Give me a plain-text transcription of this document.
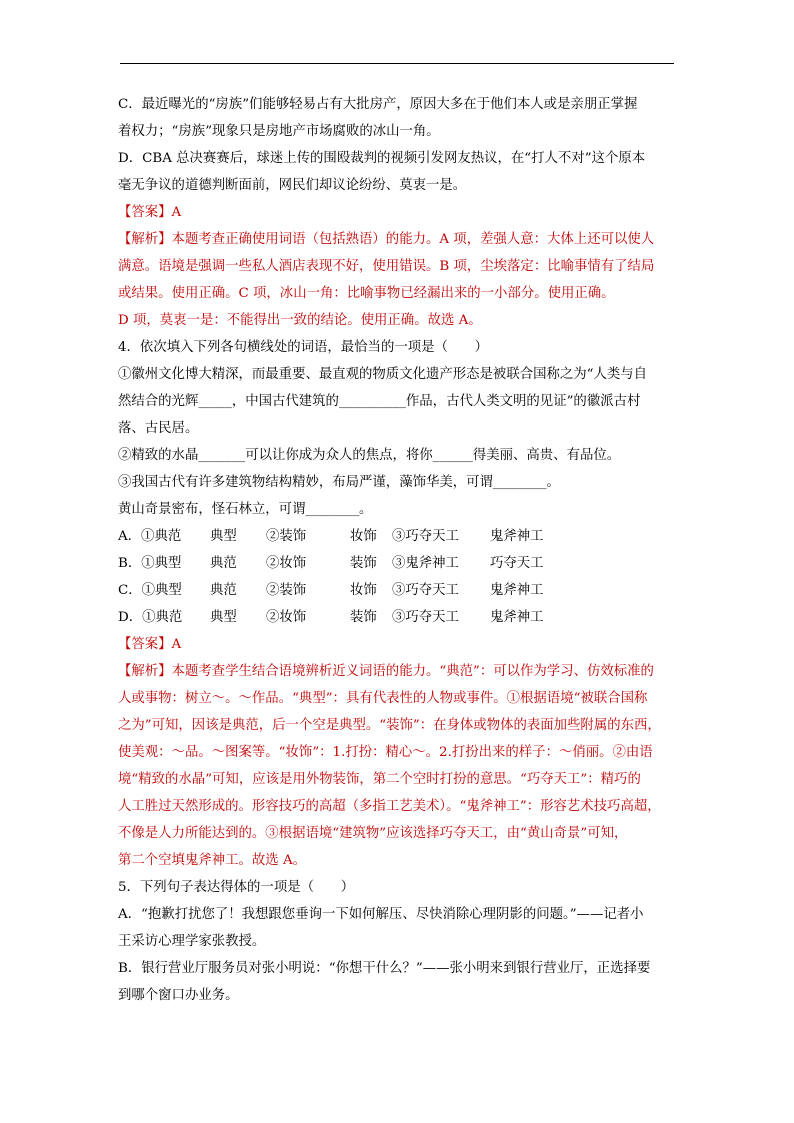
C．最近曝光的“房族”们能够轻易占有大批房产，原因大多在于他们本人或是亲朋正掌握
着权力；“房族”现象只是房地产市场腐败的冰山一角。
D．CBA 总决赛赛后，球迷上传的围殴裁判的视频引发网友热议，在“打人不对”这个原本
毫无争议的道德判断面前，网民们却议论纷纷、莫衷一是。
【答案】A
【解析】本题考查正确使用词语（包括熟语）的能力。A 项，差强人意：大体上还可以使人
满意。语境是强调一些私人酒店表现不好，使用错误。B 项，尘埃落定：比喻事情有了结局
或结果。使用正确。C 项，冰山一角：比喻事物已经漏出来的一小部分。使用正确。
D 项，莫衷一是：不能得出一致的结论。使用正确。故选 A。
4．依次填入下列各句横线处的词语，最恰当的一项是（　　）
①徽州文化博大精深，而最重要、最直观的物质文化遗产形态是被联合国称之为“人类与自
然结合的光辉_____，中国古代建筑的__________作品，古代人类文明的见证”的徽派古村
落、古民居。
②精致的水晶_______可以让你成为众人的焦点，将你______得美丽、高贵、有品位。
③我国古代有许多建筑物结构精妙，布局严谨，藻饰华美，可谓________。
黄山奇景密布，怪石林立，可谓________。
A．①典范	典型	②装饰	妆饰	③巧夺天工	鬼斧神工
B．①典型	典范	②妆饰	装饰	③鬼斧神工	巧夺天工
C．①典型	典范	②装饰	妆饰	③巧夺天工	鬼斧神工
D．①典范	典型	②妆饰	装饰	③巧夺天工	鬼斧神工
【答案】A
【解析】本题考查学生结合语境辨析近义词语的能力。“典范”：可以作为学习、仿效标准的
人或事物：树立～。～作品。“典型”：具有代表性的人物或事件。①根据语境“被联合国称
之为”可知，因该是典范，后一个空是典型。“装饰”：在身体或物体的表面加些附属的东西，
使美观：～品。～图案等。“妆饰”：1.打扮：精心～。2.打扮出来的样子：～俏丽。②由语
境“精致的水晶”可知，应该是用外物装饰，第二个空时打扮的意思。“巧夺天工”：精巧的
人工胜过天然形成的。形容技巧的高超（多指工艺美术）。“鬼斧神工”：形容艺术技巧高超，
不像是人力所能达到的。③根据语境“建筑物”应该选择巧夺天工，由“黄山奇景”可知，
第二个空填鬼斧神工。故选 A。
5．下列句子表达得体的一项是（　　）
A．“抱歉打扰您了！我想跟您垂询一下如何解压、尽快消除心理阴影的问题。”——记者小
王采访心理学家张教授。
B．银行营业厅服务员对张小明说：“你想干什么？”——张小明来到银行营业厅，正选择要
到哪个窗口办业务。
